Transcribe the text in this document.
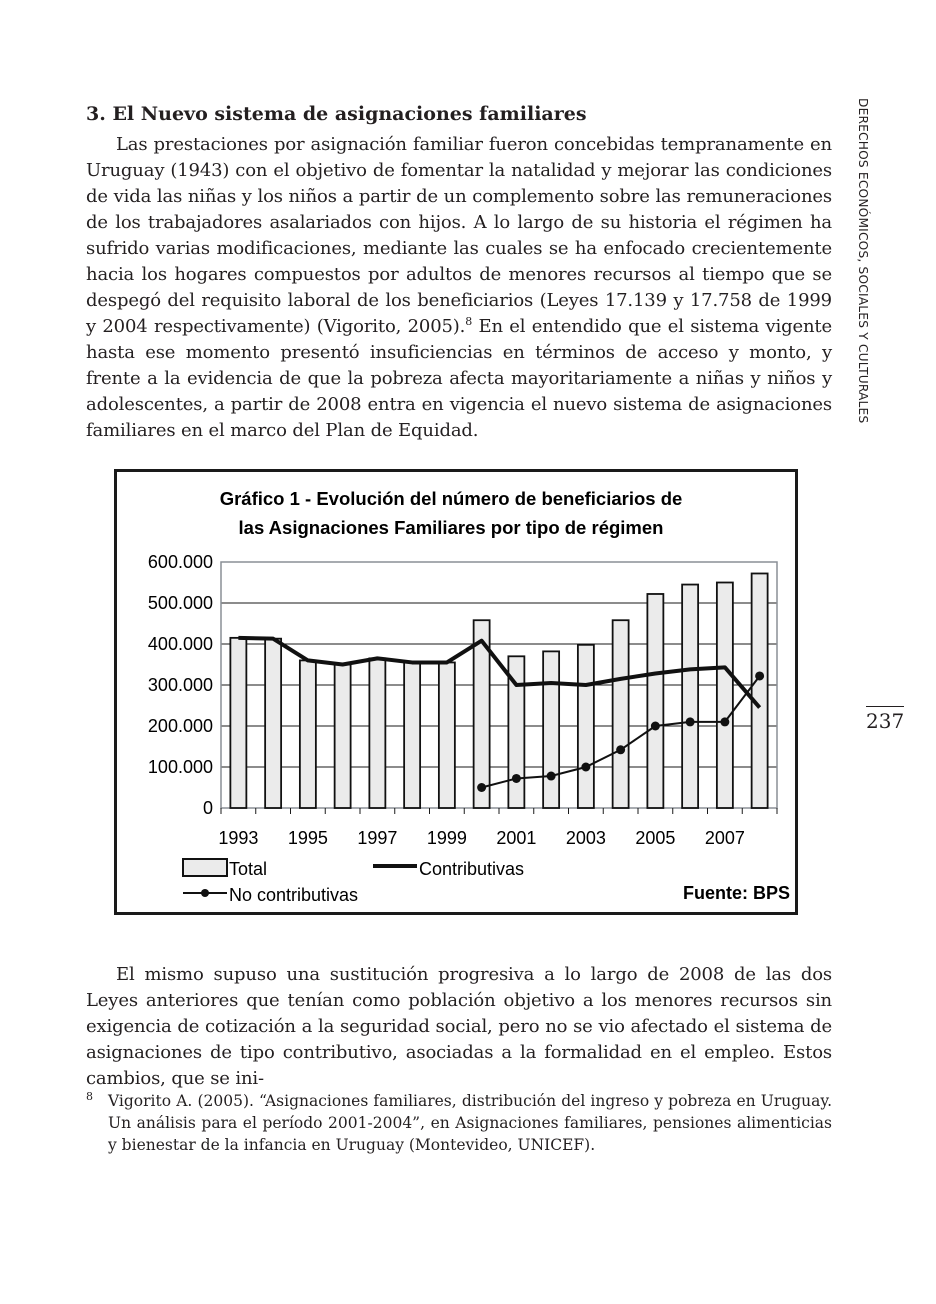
3. El Nuevo sistema de asignaciones familiares

Las prestaciones por asignación familiar fueron concebidas tempranamente en Uruguay (1943) con el objetivo de fomentar la natalidad y mejorar las condiciones de vida las niñas y los niños a partir de un complemento sobre las remuneraciones de los trabajadores asalariados con hijos. A lo largo de su historia el régimen ha sufrido varias modificaciones, mediante las cuales se ha enfocado crecientemente hacia los hogares compuestos por adultos de menores recursos al tiempo que se despegó del requisito laboral de los beneficiarios (Leyes 17.139 y 17.758 de 1999 y 2004 respectivamente) (Vigorito, 2005).$^8$ En el entendido que el sistema vigente hasta ese momento presentó insuficiencias en términos de acceso y monto, y frente a la evidencia de que la pobreza afecta mayoritariamente a niñas y niños y adolescentes, a partir de 2008 entra en vigencia el nuevo sistema de asignaciones familiares en el marco del Plan de Equidad.

DERECHOS ECONÓMICOS, SOCIALES Y CULTURALES
237
Gráfico 1 - Evolución del número de beneficiarios de
las Asignaciones Familiares por tipo de régimen
600.000
500.000
400.000
300.000
200.000
100.000
0
1993 1995 1997 1999 2001 2003 2005 2007
Total	Contributivas
No contributivas	Fuente: BPS

El mismo supuso una sustitución progresiva a lo largo de 2008 de las dos Leyes anteriores que tenían como población objetivo a los menores recursos sin exigencia de cotización a la seguridad social, pero no se vio afectado el sistema de asignaciones de tipo contributivo, asociadas a la formalidad en el empleo. Estos cambios, que se ini-

8 Vigorito A. (2005). “Asignaciones familiares, distribución del ingreso y pobreza en Uruguay. Un análisis para el período 2001-2004”, en Asignaciones familiares, pensiones alimenticias y bienestar de la infancia en Uruguay (Montevideo, UNICEF).
